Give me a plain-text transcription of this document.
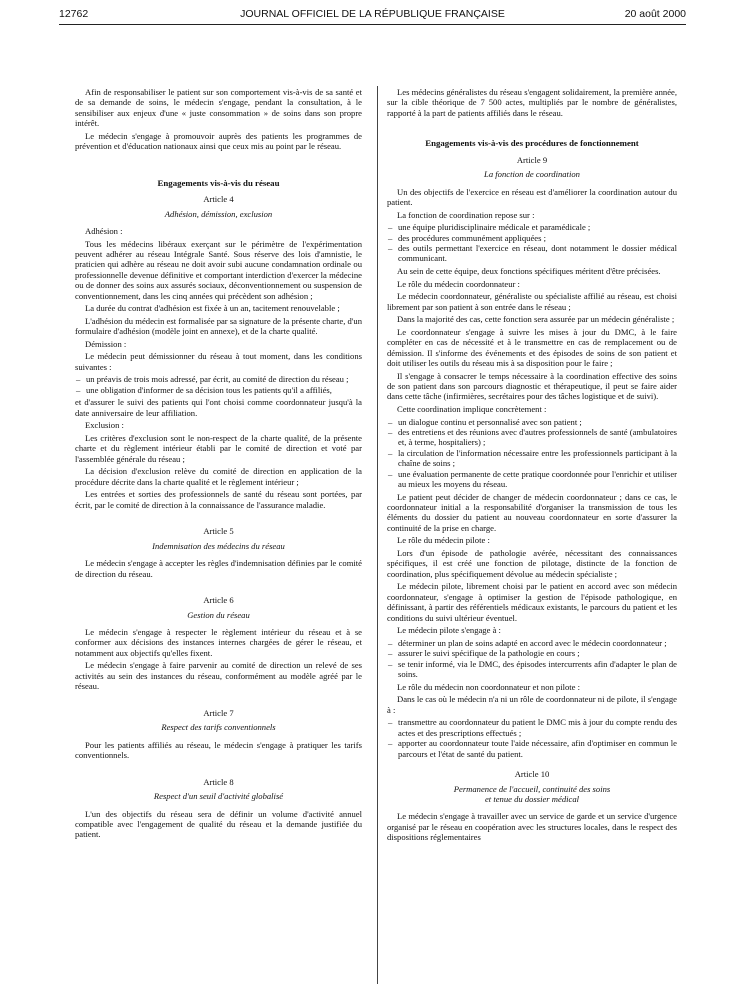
12762	JOURNAL OFFICIEL DE LA RÉPUBLIQUE FRANÇAISE	20 août 2000

Afin de responsabiliser le patient sur son comportement vis-à-vis de sa santé et de sa demande de soins, le médecin s'engage, pendant la consultation, à le sensibiliser aux enjeux d'une « juste consommation » de soins dans son propre intérêt.

Le médecin s'engage à promouvoir auprès des patients les programmes de prévention et d'éducation nationaux ainsi que ceux mis au point par le réseau.

Engagements vis-à-vis du réseau
Article 4
Adhésion, démission, exclusion

Adhésion :

Tous les médecins libéraux exerçant sur le périmètre de l'expérimentation peuvent adhérer au réseau Intégrale Santé. Sous réserve des lois d'amnistie, le praticien qui adhère au réseau ne doit avoir subi aucune condamnation ordinale ou professionnelle devenue définitive et comportant interdiction d'exercer la médecine ou de donner des soins aux assurés sociaux, déconventionnement ou suspension de conventionnement, dans les cinq années qui précèdent son adhésion ;

La durée du contrat d'adhésion est fixée à un an, tacitement renouvelable ;

L'adhésion du médecin est formalisée par sa signature de la présente charte, d'un formulaire d'adhésion (modèle joint en annexe), et de la charte qualité.

Démission :

Le médecin peut démissionner du réseau à tout moment, dans les conditions suivantes :

– un préavis de trois mois adressé, par écrit, au comité de direction du réseau ;
– une obligation d'informer de sa décision tous les patients qu'il a affiliés,

et d'assurer le suivi des patients qui l'ont choisi comme coordonnateur jusqu'à la date anniversaire de leur affiliation.

Exclusion :

Les critères d'exclusion sont le non-respect de la charte qualité, de la présente charte et du règlement intérieur établi par le comité de direction et voté par l'assemblée générale du réseau ;

La décision d'exclusion relève du comité de direction en application de la procédure décrite dans la charte qualité et le règlement intérieur ;

Les entrées et sorties des professionnels de santé du réseau sont portées, par écrit, par le comité de direction à la connaissance de l'assurance maladie.

Article 5
Indemnisation des médecins du réseau

Le médecin s'engage à accepter les règles d'indemnisation définies par le comité de direction du réseau.

Article 6
Gestion du réseau

Le médecin s'engage à respecter le règlement intérieur du réseau et à se conformer aux décisions des instances internes chargées de gérer le réseau, et notamment aux objectifs qu'elles fixent.

Le médecin s'engage à faire parvenir au comité de direction un relevé de ses activités au sein des instances du réseau, conformément au modèle agréé par le réseau.

Article 7
Respect des tarifs conventionnels

Pour les patients affiliés au réseau, le médecin s'engage à pratiquer les tarifs conventionnels.

Article 8
Respect d'un seuil d'activité globalisé

L'un des objectifs du réseau sera de définir un volume d'activité annuel compatible avec l'engagement de qualité du réseau et la demande justifiée du patient.

Les médecins généralistes du réseau s'engagent solidairement, la première année, sur la cible théorique de 7 500 actes, multipliés par le nombre de généralistes, rapporté à la part de patients affiliés dans le réseau.

Engagements vis-à-vis des procédures de fonctionnement
Article 9
La fonction de coordination

Un des objectifs de l'exercice en réseau est d'améliorer la coordination autour du patient.

La fonction de coordination repose sur :

– une équipe pluridisciplinaire médicale et paramédicale ;
– des procédures communément appliquées ;
– des outils permettant l'exercice en réseau, dont notamment le dossier médical communicant.

Au sein de cette équipe, deux fonctions spécifiques méritent d'être précisées.

Le rôle du médecin coordonnateur :

Le médecin coordonnateur, généraliste ou spécialiste affilié au réseau, est choisi librement par son patient à son entrée dans le réseau ;

Dans la majorité des cas, cette fonction sera assurée par un médecin généraliste ;

Le coordonnateur s'engage à suivre les mises à jour du DMC, à le faire compléter en cas de nécessité et à le transmettre en cas de remplacement ou de démission. Il s'informe des événements et des épisodes de soins de son patient et doit utiliser les outils du réseau mis à sa disposition pour le faire ;

Il s'engage à consacrer le temps nécessaire à la coordination effective des soins de son patient dans son parcours diagnostic et thérapeutique, il peut se faire aider dans cette tâche (infirmières, secrétaires pour des tâches logistique et de suivi).

Cette coordination implique concrètement :

– un dialogue continu et personnalisé avec son patient ;
– des entretiens et des réunions avec d'autres professionnels de santé (ambulatoires et, à terme, hospitaliers) ;
– la circulation de l'information nécessaire entre les professionnels participant à la chaîne de soins ;
– une évaluation permanente de cette pratique coordonnée pour l'enrichir et utiliser au mieux les moyens du réseau.

Le patient peut décider de changer de médecin coordonnateur ; dans ce cas, le coordonnateur initial a la responsabilité d'organiser la transmission de tous les éléments du dossier du patient au nouveau coordonnateur en sorte d'assurer la continuité de la prise en charge.

Le rôle du médecin pilote :

Lors d'un épisode de pathologie avérée, nécessitant des connaissances spécifiques, il est créé une fonction de pilotage, distincte de la fonction de coordination, plus spécifiquement dévolue au médecin spécialiste ;

Le médecin pilote, librement choisi par le patient en accord avec son médecin coordonnateur, s'engage à optimiser la gestion de l'épisode pathologique, en définissant, à partir des référentiels médicaux existants, le parcours du patient et les conditions du suivi ultérieur éventuel.

Le médecin pilote s'engage à :

– déterminer un plan de soins adapté en accord avec le médecin coordonnateur ;
– assurer le suivi spécifique de la pathologie en cours ;
– se tenir informé, via le DMC, des épisodes intercurrents afin d'adapter le plan de soins.

Le rôle du médecin non coordonnateur et non pilote :

Dans le cas où le médecin n'a ni un rôle de coordonnateur ni de pilote, il s'engage à :

– transmettre au coordonnateur du patient le DMC mis à jour du compte rendu des actes et des prescriptions effectués ;
– apporter au coordonnateur toute l'aide nécessaire, afin d'optimiser en commun le parcours et l'état de santé du patient.
Article 10
Permanence de l'accueil, continuité des soins
et tenue du dossier médical

Le médecin s'engage à travailler avec un service de garde et un service d'urgence organisé par le réseau en coopération avec les structures locales, dans le respect des dispositions réglementaires
